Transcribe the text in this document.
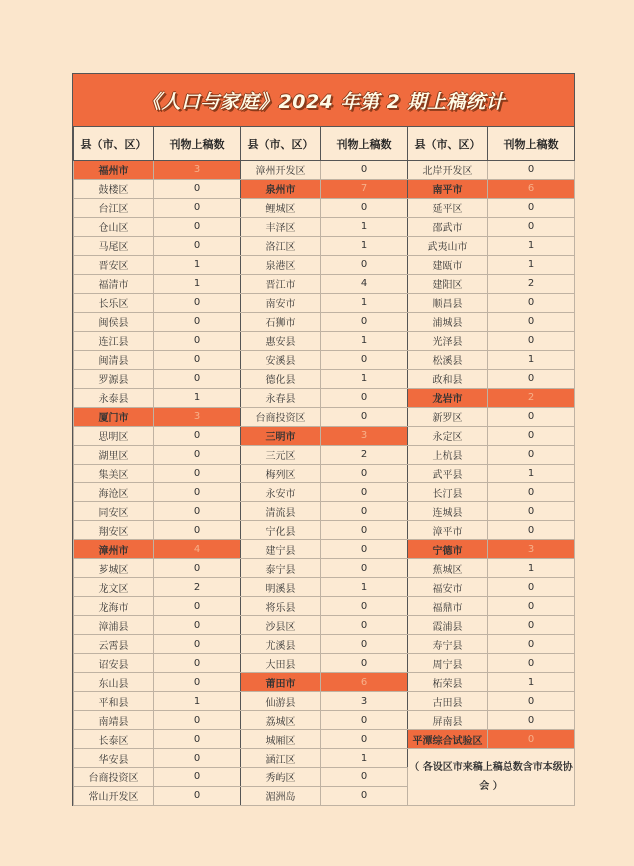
《人口与家庭》2024 年第 2 期上稿统计
县（市、区）	刊物上稿数	县（市、区）	刊物上稿数	县（市、区）	刊物上稿数
福州市	3	漳州开发区	0	北岸开发区	0
鼓楼区	0	泉州市	7	南平市	6
台江区	0	鲤城区	0	延平区	0
仓山区	0	丰泽区	1	邵武市	0
马尾区	0	洛江区	1	武夷山市	1
晋安区	1	泉港区	0	建瓯市	1
福清市	1	晋江市	4	建阳区	2
长乐区	0	南安市	1	顺昌县	0
闽侯县	0	石狮市	0	浦城县	0
连江县	0	惠安县	1	光泽县	0
闽清县	0	安溪县	0	松溪县	1
罗源县	0	德化县	1	政和县	0
永泰县	1	永春县	0	龙岩市	2
厦门市	3	台商投资区	0	新罗区	0
思明区	0	三明市	3	永定区	0
湖里区	0	三元区	2	上杭县	0
集美区	0	梅列区	0	武平县	1
海沧区	0	永安市	0	长汀县	0
同安区	0	清流县	0	连城县	0
翔安区	0	宁化县	0	漳平市	0
漳州市	4	建宁县	0	宁德市	3
芗城区	0	泰宁县	0	蕉城区	1
龙文区	2	明溪县	1	福安市	0
龙海市	0	将乐县	0	福鼎市	0
漳浦县	0	沙县区	0	霞浦县	0
云霄县	0	尤溪县	0	寿宁县	0
诏安县	0	大田县	0	周宁县	0
东山县	0	莆田市	6	柘荣县	1
平和县	1	仙游县	3	古田县	0
南靖县	0	荔城区	0	屏南县	0
长泰区	0	城厢区	0	平潭综合试验区	0
华安县	0	涵江区	1	（ 各设区市来稿上稿总数含市本级协会 ）	
台商投资区	0	秀屿区	0		
常山开发区	0	湄洲岛	0		
